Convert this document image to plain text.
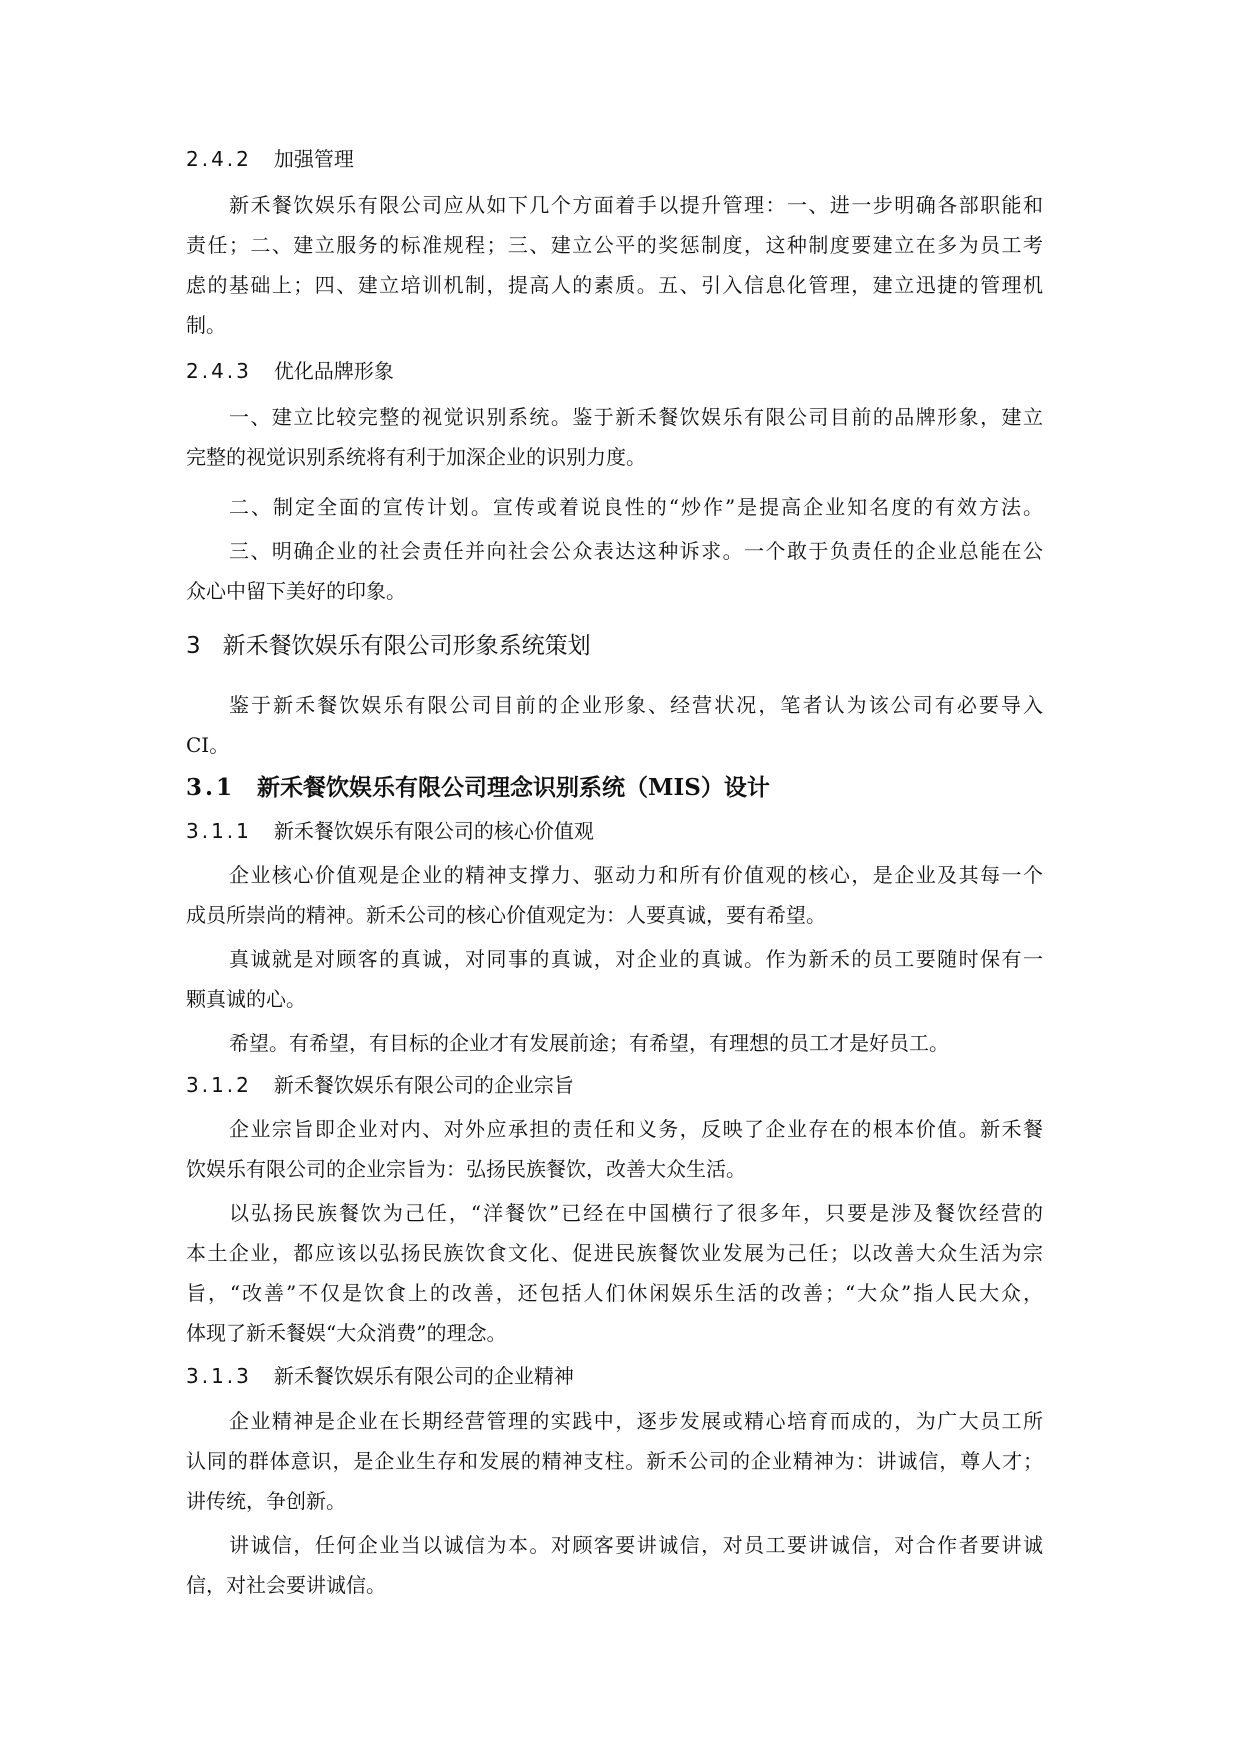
2.4.2 加强管理
新禾餐饮娱乐有限公司应从如下几个方面着手以提升管理：一、进一步明确各部职能和
责任；二、建立服务的标准规程；三、建立公平的奖惩制度，这种制度要建立在多为员工考
虑的基础上；四、建立培训机制，提高人的素质。五、引入信息化管理，建立迅捷的管理机
制。
2.4.3 优化品牌形象
一、建立比较完整的视觉识别系统。鉴于新禾餐饮娱乐有限公司目前的品牌形象，建立
完整的视觉识别系统将有利于加深企业的识别力度。
二、制定全面的宣传计划。宣传或着说良性的“炒作”是提高企业知名度的有效方法。
三、明确企业的社会责任并向社会公众表达这种诉求。一个敢于负责任的企业总能在公
众心中留下美好的印象。
3 新禾餐饮娱乐有限公司形象系统策划
鉴于新禾餐饮娱乐有限公司目前的企业形象、经营状况，笔者认为该公司有必要导入
CI。
3.1 新禾餐饮娱乐有限公司理念识别系统（MIS）设计
3.1.1 新禾餐饮娱乐有限公司的核心价值观
企业核心价值观是企业的精神支撑力、驱动力和所有价值观的核心，是企业及其每一个
成员所崇尚的精神。新禾公司的核心价值观定为：人要真诚，要有希望。
真诚就是对顾客的真诚，对同事的真诚，对企业的真诚。作为新禾的员工要随时保有一
颗真诚的心。
希望。有希望，有目标的企业才有发展前途；有希望，有理想的员工才是好员工。
3.1.2 新禾餐饮娱乐有限公司的企业宗旨
企业宗旨即企业对内、对外应承担的责任和义务，反映了企业存在的根本价值。新禾餐
饮娱乐有限公司的企业宗旨为：弘扬民族餐饮，改善大众生活。
以弘扬民族餐饮为己任，“洋餐饮”已经在中国横行了很多年，只要是涉及餐饮经营的
本土企业，都应该以弘扬民族饮食文化、促进民族餐饮业发展为己任；以改善大众生活为宗
旨，“改善”不仅是饮食上的改善，还包括人们休闲娱乐生活的改善；“大众”指人民大众，
体现了新禾餐娱“大众消费”的理念。
3.1.3 新禾餐饮娱乐有限公司的企业精神
企业精神是企业在长期经营管理的实践中，逐步发展或精心培育而成的，为广大员工所
认同的群体意识，是企业生存和发展的精神支柱。新禾公司的企业精神为：讲诚信，尊人才；
讲传统，争创新。
讲诚信，任何企业当以诚信为本。对顾客要讲诚信，对员工要讲诚信，对合作者要讲诚
信，对社会要讲诚信。
